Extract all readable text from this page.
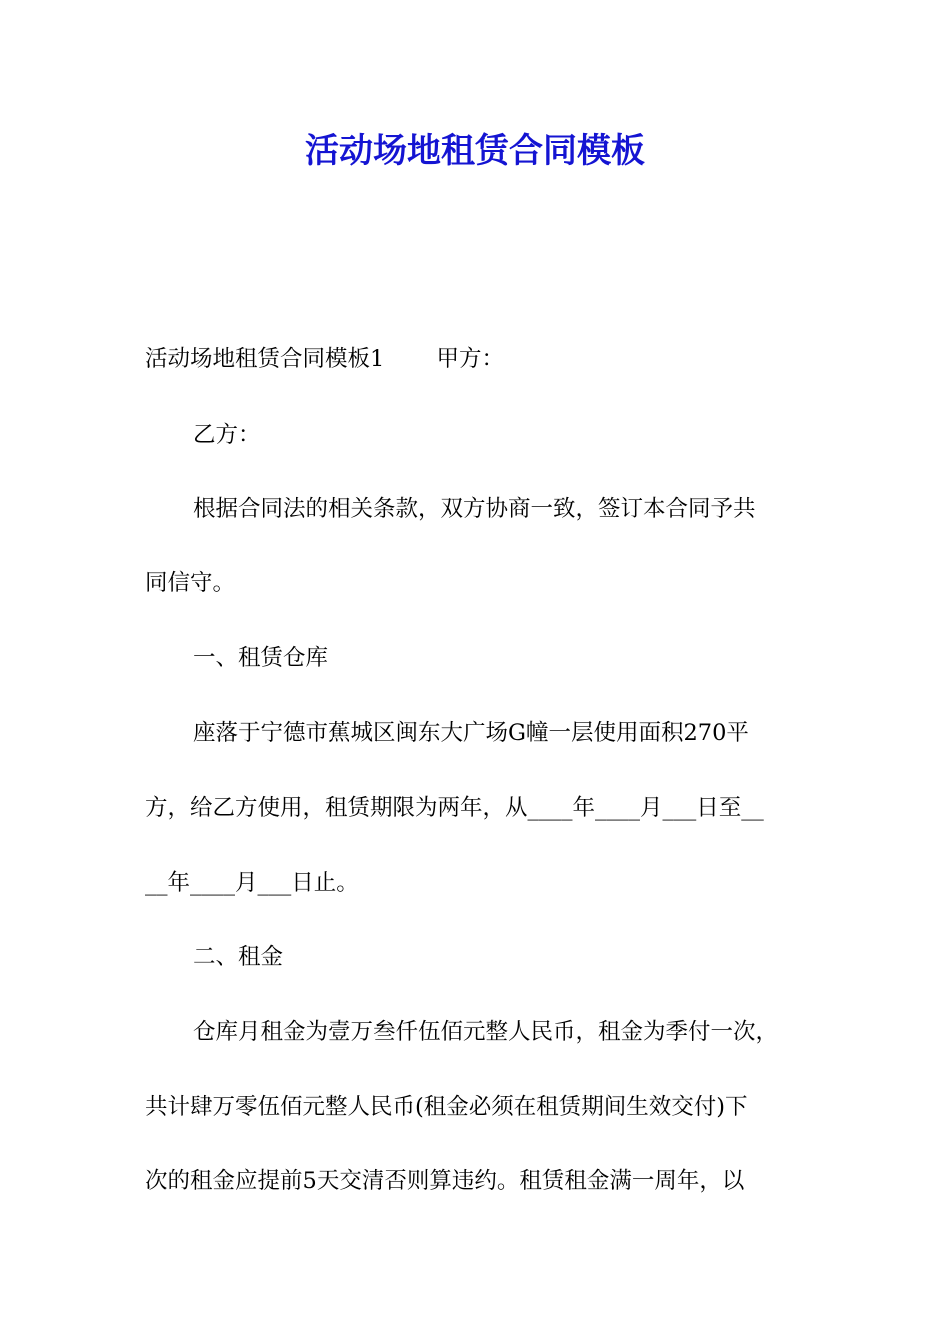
活动场地租赁合同模板

活动场地租赁合同模板1　　 甲方：

乙方：

根据合同法的相关条款，双方协商一致，签订本合同予共

同信守。

一、租赁仓库

座落于宁德市蕉城区闽东大广场G幢一层使用面积270平

方，给乙方使用，租赁期限为两年，从____年____月___日至__

__年____月___日止。

二、租金

仓库月租金为壹万叁仟伍佰元整人民币，租金为季付一次，

共计肆万零伍佰元整人民币(租金必须在租赁期间生效交付)下

次的租金应提前5天交清否则算违约。租赁租金满一周年，以
